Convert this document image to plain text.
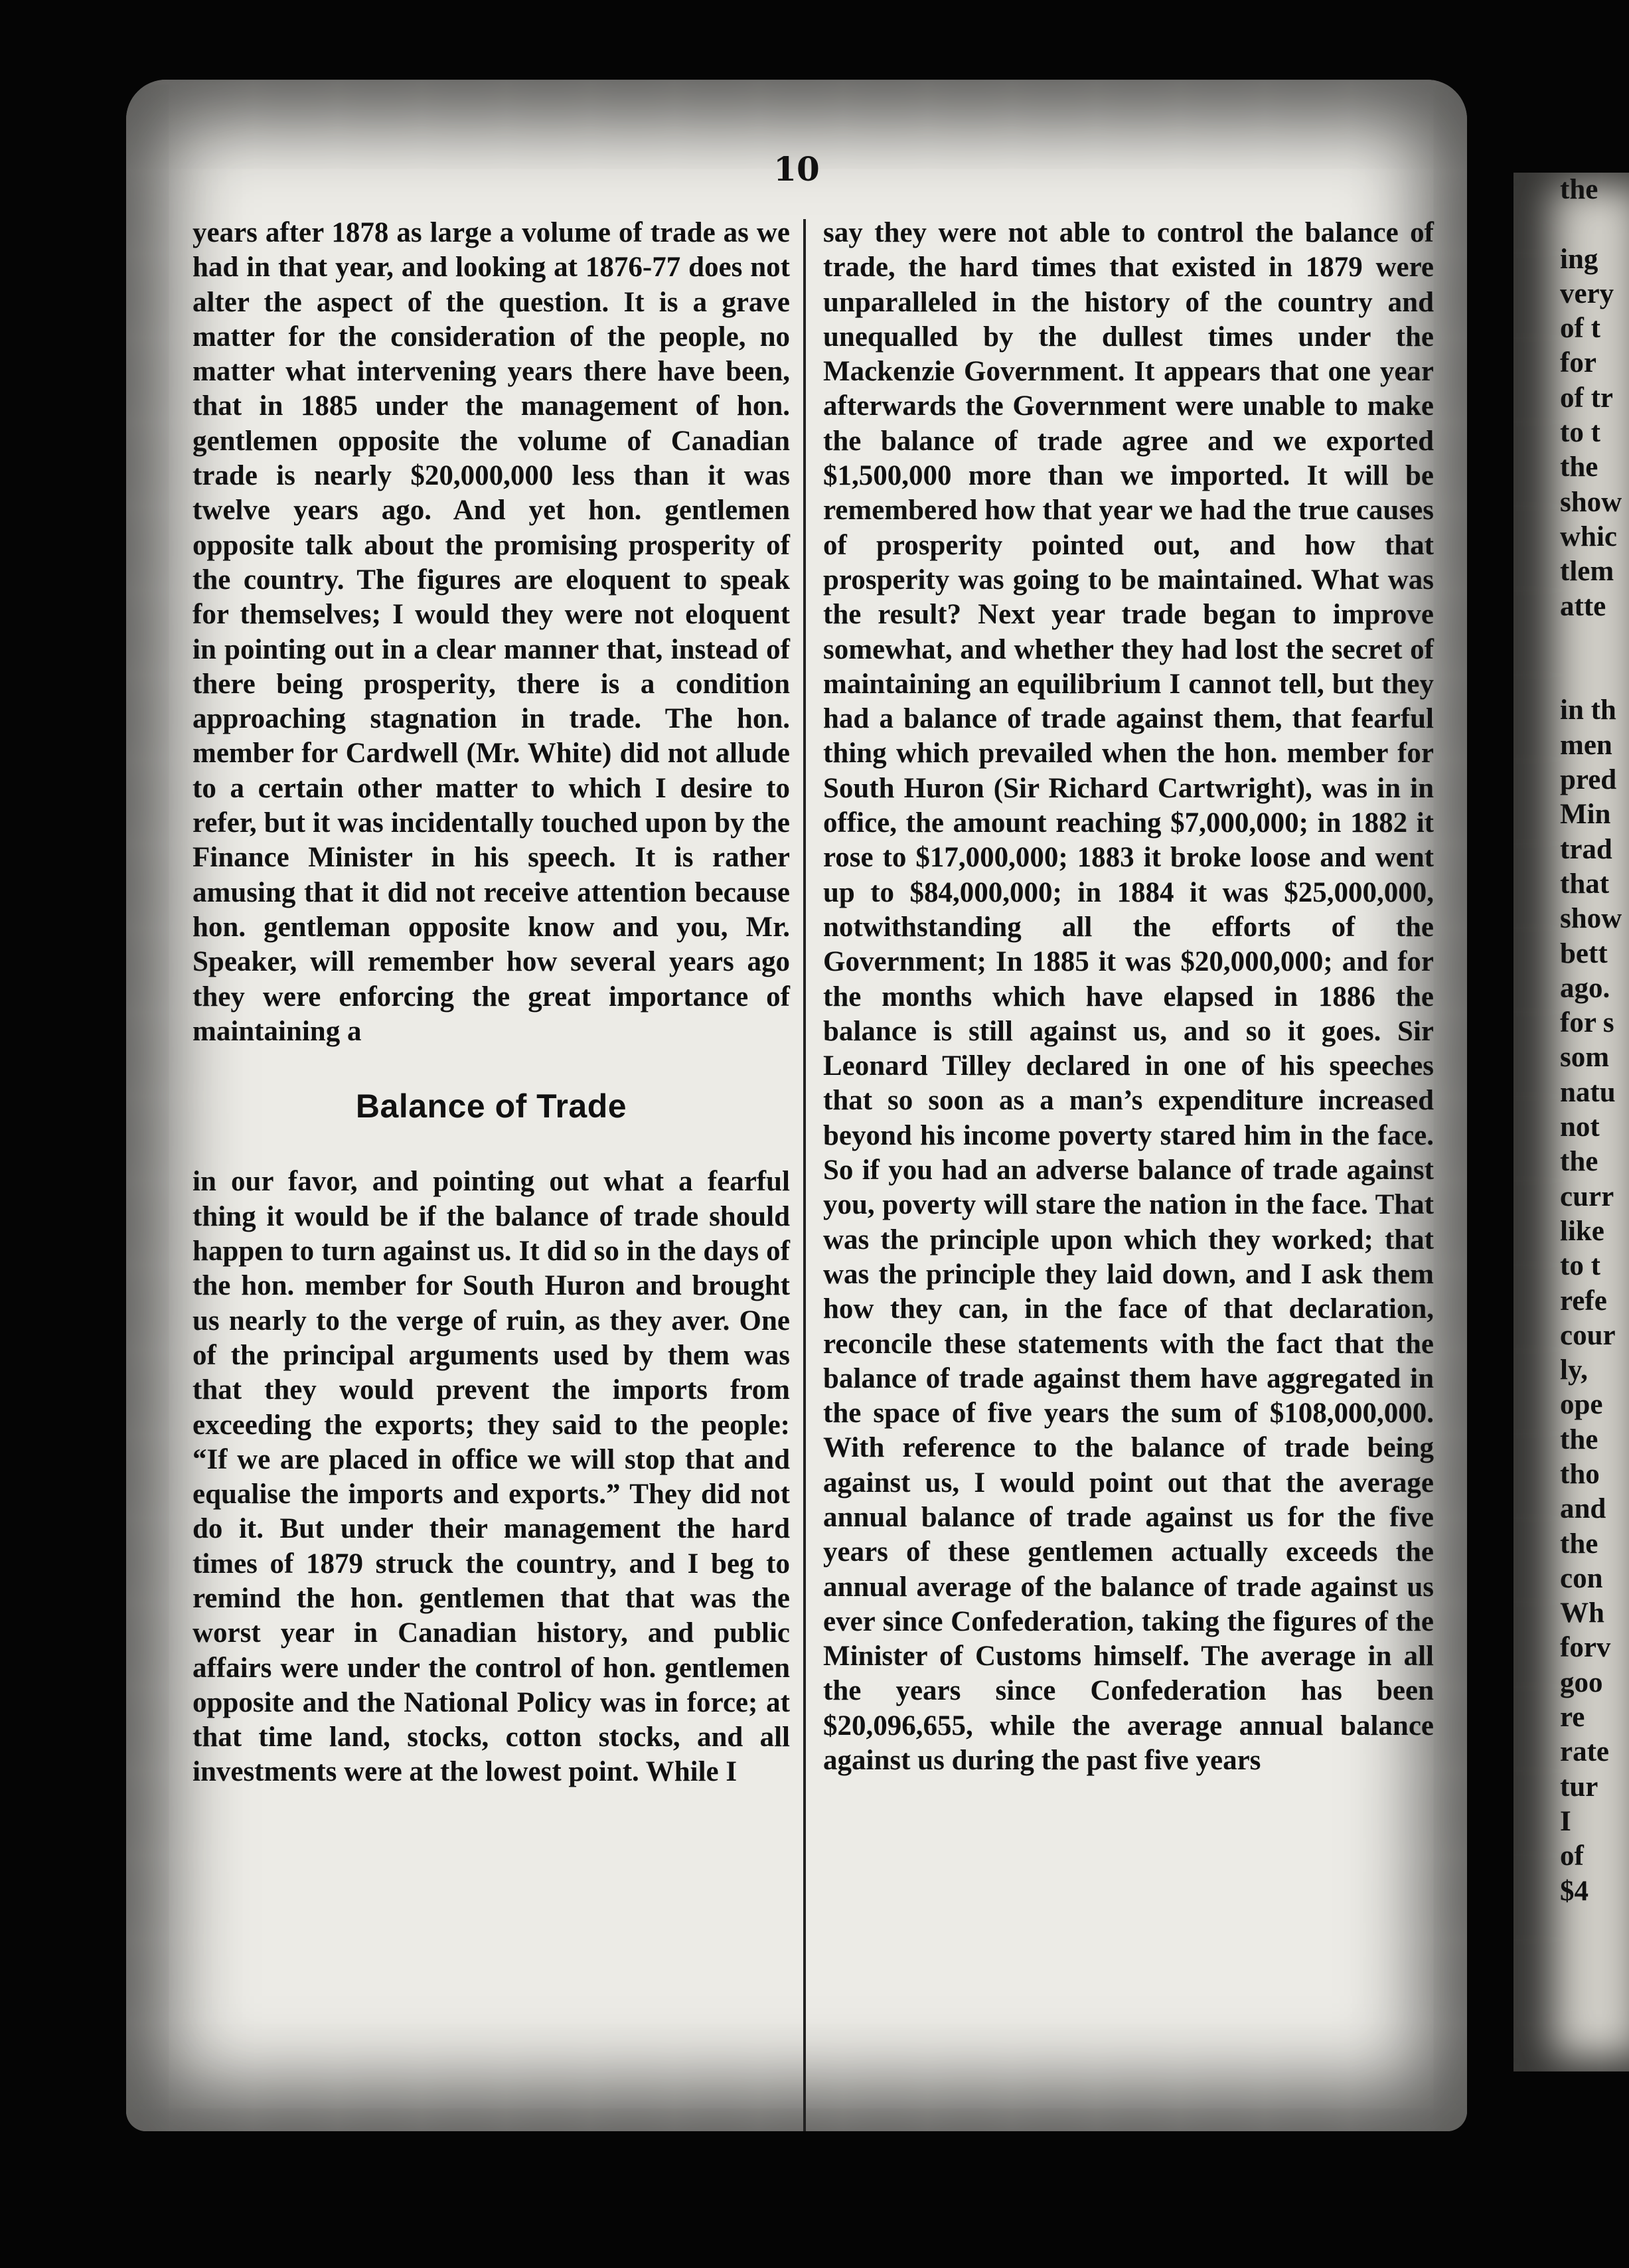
10

years after 1878 as large a volume of trade as we had in that year, and looking at 1876-77 does not alter the aspect of the question. It is a grave matter for the consideration of the people, no matter what intervening years there have been, that in 1885 under the management of hon. gentlemen opposite the volume of Canadian trade is nearly $20,000,000 less than it was twelve years ago. And yet hon. gentlemen opposite talk about the promising prosperity of the country. The figures are eloquent to speak for themselves; I would they were not eloquent in pointing out in a clear manner that, instead of there being prosperity, there is a condition approaching stagnation in trade. The hon. member for Cardwell (Mr. White) did not allude to a certain other matter to which I desire to refer, but it was incidentally touched upon by the Finance Minister in his speech. It is rather amusing that it did not receive attention because hon. gentleman opposite know and you, Mr. Speaker, will remember how several years ago they were enforcing the great importance of maintaining a

Balance of Trade

in our favor, and pointing out what a fearful thing it would be if the balance of trade should happen to turn against us. It did so in the days of the hon. member for South Huron and brought us nearly to the verge of ruin, as they aver. One of the principal arguments used by them was that they would prevent the imports from exceeding the exports; they said to the people: “If we are placed in office we will stop that and equalise the imports and exports.” They did not do it. But under their management the hard times of 1879 struck the country, and I beg to remind the hon. gentlemen that that was the worst year in Canadian history, and public affairs were under the control of hon. gentlemen opposite and the National Policy was in force; at that time land, stocks, cotton stocks, and all investments were at the lowest point. While I

say they were not able to control the balance of trade, the hard times that existed in 1879 were unparalleled in the history of the country and unequalled by the dullest times under the Mackenzie Government. It appears that one year afterwards the Government were unable to make the balance of trade agree and we exported $1,500,000 more than we imported. It will be remembered how that year we had the true causes of prosperity pointed out, and how that prosperity was going to be maintained. What was the result? Next year trade began to improve somewhat, and whether they had lost the secret of maintaining an equilibrium I cannot tell, but they had a balance of trade against them, that fearful thing which prevailed when the hon. member for South Huron (Sir Richard Cartwright), was in in office, the amount reaching $7,000,000; in 1882 it rose to $17,000,000; 1883 it broke loose and went up to $84,000,000; in 1884 it was $25,000,000, notwithstanding all the efforts of the Government; In 1885 it was $20,000,000; and for the months which have elapsed in 1886 the balance is still against us, and so it goes. Sir Leonard Tilley declared in one of his speeches that so soon as a man’s expenditure increased beyond his income poverty stared him in the face. So if you had an adverse balance of trade against you, poverty will stare the nation in the face. That was the principle upon which they worked; that was the principle they laid down, and I ask them how they can, in the face of that declaration, reconcile these statements with the fact that the balance of trade against them have aggregated in the space of five years the sum of $108,000,000. With reference to the balance of trade being against us, I would point out that the average annual balance of trade against us for the five years of these gentlemen actually exceeds the annual average of the balance of trade against us ever since Confederation, taking the figures of the Minister of Customs himself. The average in all the years since Confederation has been $20,096,655, while the average annual balance against us during the past five years

the

ing
very
of t
for
of tr
to t
the
show
whic
tlem
atte

in th
men
pred
Min
trad
that
show
bett
ago.
for s
som
natu
not
the
curr
like
to t
refe
cour
ly,
ope
the
tho
and
the
con
Wh
forv
goo
re
rate
tur
I
of
$4
